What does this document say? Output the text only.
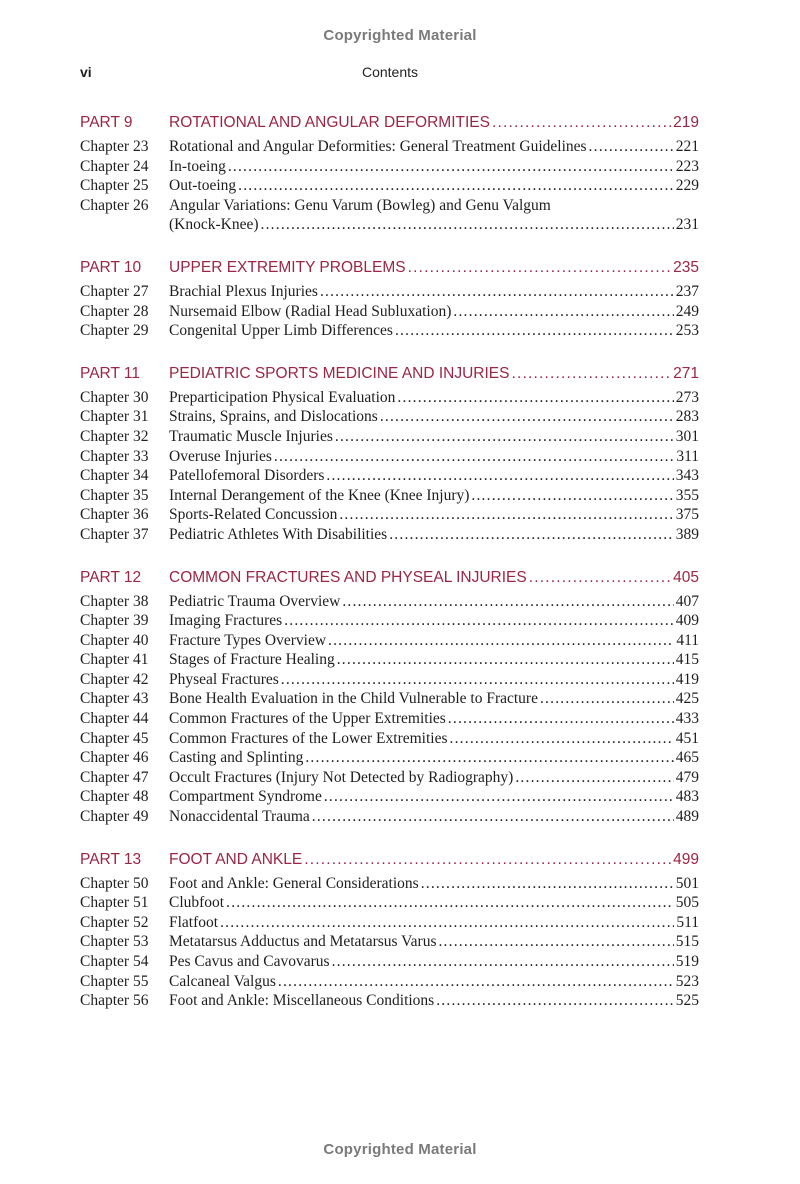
Copyrighted Material
vi	Contents
PART 9	ROTATIONAL AND ANGULAR DEFORMITIES .....	219
Chapter 23	Rotational and Angular Deformities: General Treatment Guidelines .....	221
Chapter 24	In-toeing .....	223
Chapter 25	Out-toeing .....	229
Chapter 26	Angular Variations: Genu Varum (Bowleg) and Genu Valgum
(Knock-Knee) .....	231
PART 10	UPPER EXTREMITY PROBLEMS .....	235
Chapter 27	Brachial Plexus Injuries .....	237
Chapter 28	Nursemaid Elbow (Radial Head Subluxation) .....	249
Chapter 29	Congenital Upper Limb Differences .....	253
PART 11	PEDIATRIC SPORTS MEDICINE AND INJURIES .....	271
Chapter 30	Preparticipation Physical Evaluation .....	273
Chapter 31	Strains, Sprains, and Dislocations .....	283
Chapter 32	Traumatic Muscle Injuries .....	301
Chapter 33	Overuse Injuries .....	311
Chapter 34	Patellofemoral Disorders .....	343
Chapter 35	Internal Derangement of the Knee (Knee Injury) .....	355
Chapter 36	Sports-Related Concussion .....	375
Chapter 37	Pediatric Athletes With Disabilities .....	389
PART 12	COMMON FRACTURES AND PHYSEAL INJURIES .....	405
Chapter 38	Pediatric Trauma Overview .....	407
Chapter 39	Imaging Fractures .....	409
Chapter 40	Fracture Types Overview .....	411
Chapter 41	Stages of Fracture Healing .....	415
Chapter 42	Physeal Fractures .....	419
Chapter 43	Bone Health Evaluation in the Child Vulnerable to Fracture .....	425
Chapter 44	Common Fractures of the Upper Extremities .....	433
Chapter 45	Common Fractures of the Lower Extremities .....	451
Chapter 46	Casting and Splinting .....	465
Chapter 47	Occult Fractures (Injury Not Detected by Radiography) .....	479
Chapter 48	Compartment Syndrome .....	483
Chapter 49	Nonaccidental Trauma .....	489
PART 13	FOOT AND ANKLE .....	499
Chapter 50	Foot and Ankle: General Considerations .....	501
Chapter 51	Clubfoot .....	505
Chapter 52	Flatfoot .....	511
Chapter 53	Metatarsus Adductus and Metatarsus Varus .....	515
Chapter 54	Pes Cavus and Cavovarus .....	519
Chapter 55	Calcaneal Valgus .....	523
Chapter 56	Foot and Ankle: Miscellaneous Conditions .....	525
Copyrighted Material
